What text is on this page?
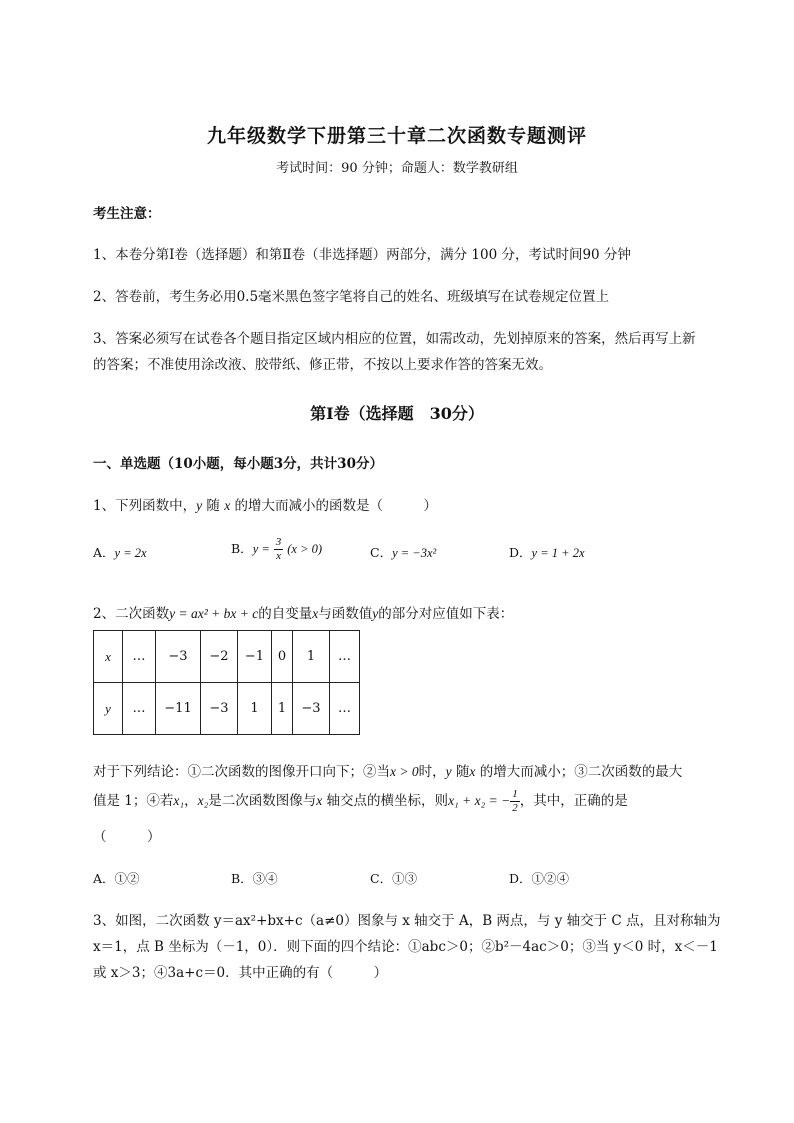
九年级数学下册第三十章二次函数专题测评
考试时间：90 分钟；命题人：数学教研组
考生注意：
1、本卷分第Ⅰ卷（选择题）和第Ⅱ卷（非选择题）两部分，满分 100 分，考试时间90 分钟
2、答卷前，考生务必用0.5毫米黑色签字笔将自己的姓名、班级填写在试卷规定位置上
3、答案必须写在试卷各个题目指定区域内相应的位置，如需改动，先划掉原来的答案，然后再写上新
的答案；不准使用涂改液、胶带纸、修正带，不按以上要求作答的答案无效。
第Ⅰ卷（选择题　30分）
一、单选题（10小题，每小题3分，共计30分）
1、下列函数中，y 随 x 的增大而减小的函数是（　　　）
A．y = 2x	B．$y = \frac{3}{x} (x > 0)$	C．y = −3x²	D．y = 1 + 2x
2、二次函数y = ax² + bx + c的自变量x与函数值y的部分对应值如下表：
x	…	−3	−2	−1	0	1	…
y	…	−11	−3	1	1	−3	…
对于下列结论：①二次函数的图像开口向下；②当x > 0时，y 随x 的增大而减小；③二次函数的最大
值是 1；④若x₁，x₂是二次函数图像与x 轴交点的横坐标，则x₁ + x₂ = − $\frac{1}{2}$ ，其中，正确的是
（　　　）
A．①②	B．③④	C．①③	D．①②④
3、如图，二次函数 y＝ax²+bx+c（a≠0）图象与 x 轴交于 A，B 两点，与 y 轴交于 C 点，且对称轴为
x＝1，点 B 坐标为（－1，0）．则下面的四个结论：①abc＞0；②b²－4ac＞0；③当 y＜0 时，x＜－1
或 x＞3；④3a+c＝0．其中正确的有（　　　）
